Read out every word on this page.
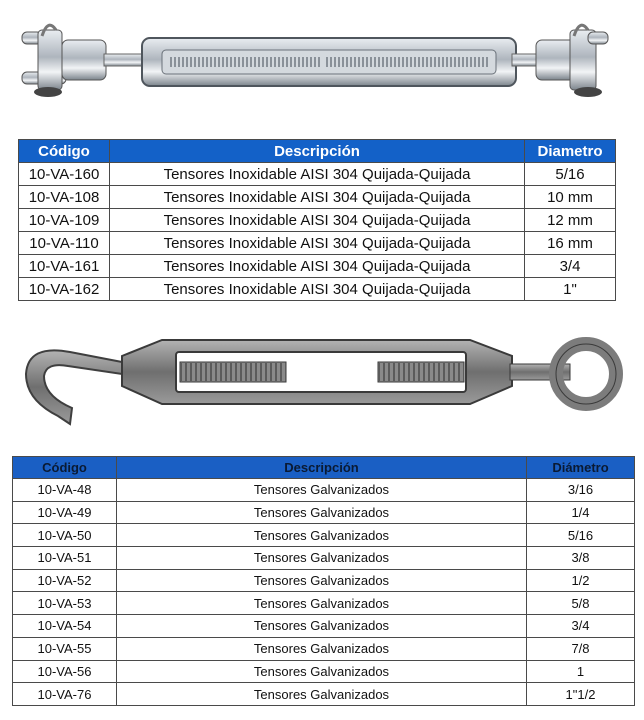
Código	Descripción	Diametro
10-VA-160	Tensores Inoxidable AISI 304 Quijada-Quijada	5/16
10-VA-108	Tensores Inoxidable AISI 304 Quijada-Quijada	10 mm
10-VA-109	Tensores Inoxidable AISI 304 Quijada-Quijada	12 mm
10-VA-110	Tensores Inoxidable AISI 304 Quijada-Quijada	16 mm
10-VA-161	Tensores Inoxidable AISI 304 Quijada-Quijada	3/4
10-VA-162	Tensores Inoxidable AISI 304 Quijada-Quijada	1"
Código	Descripción	Diámetro
10-VA-48	Tensores Galvanizados	3/16
10-VA-49	Tensores Galvanizados	1/4
10-VA-50	Tensores Galvanizados	5/16
10-VA-51	Tensores Galvanizados	3/8
10-VA-52	Tensores Galvanizados	1/2
10-VA-53	Tensores Galvanizados	5/8
10-VA-54	Tensores Galvanizados	3/4
10-VA-55	Tensores Galvanizados	7/8
10-VA-56	Tensores Galvanizados	1
10-VA-76	Tensores Galvanizados	1"1/2
